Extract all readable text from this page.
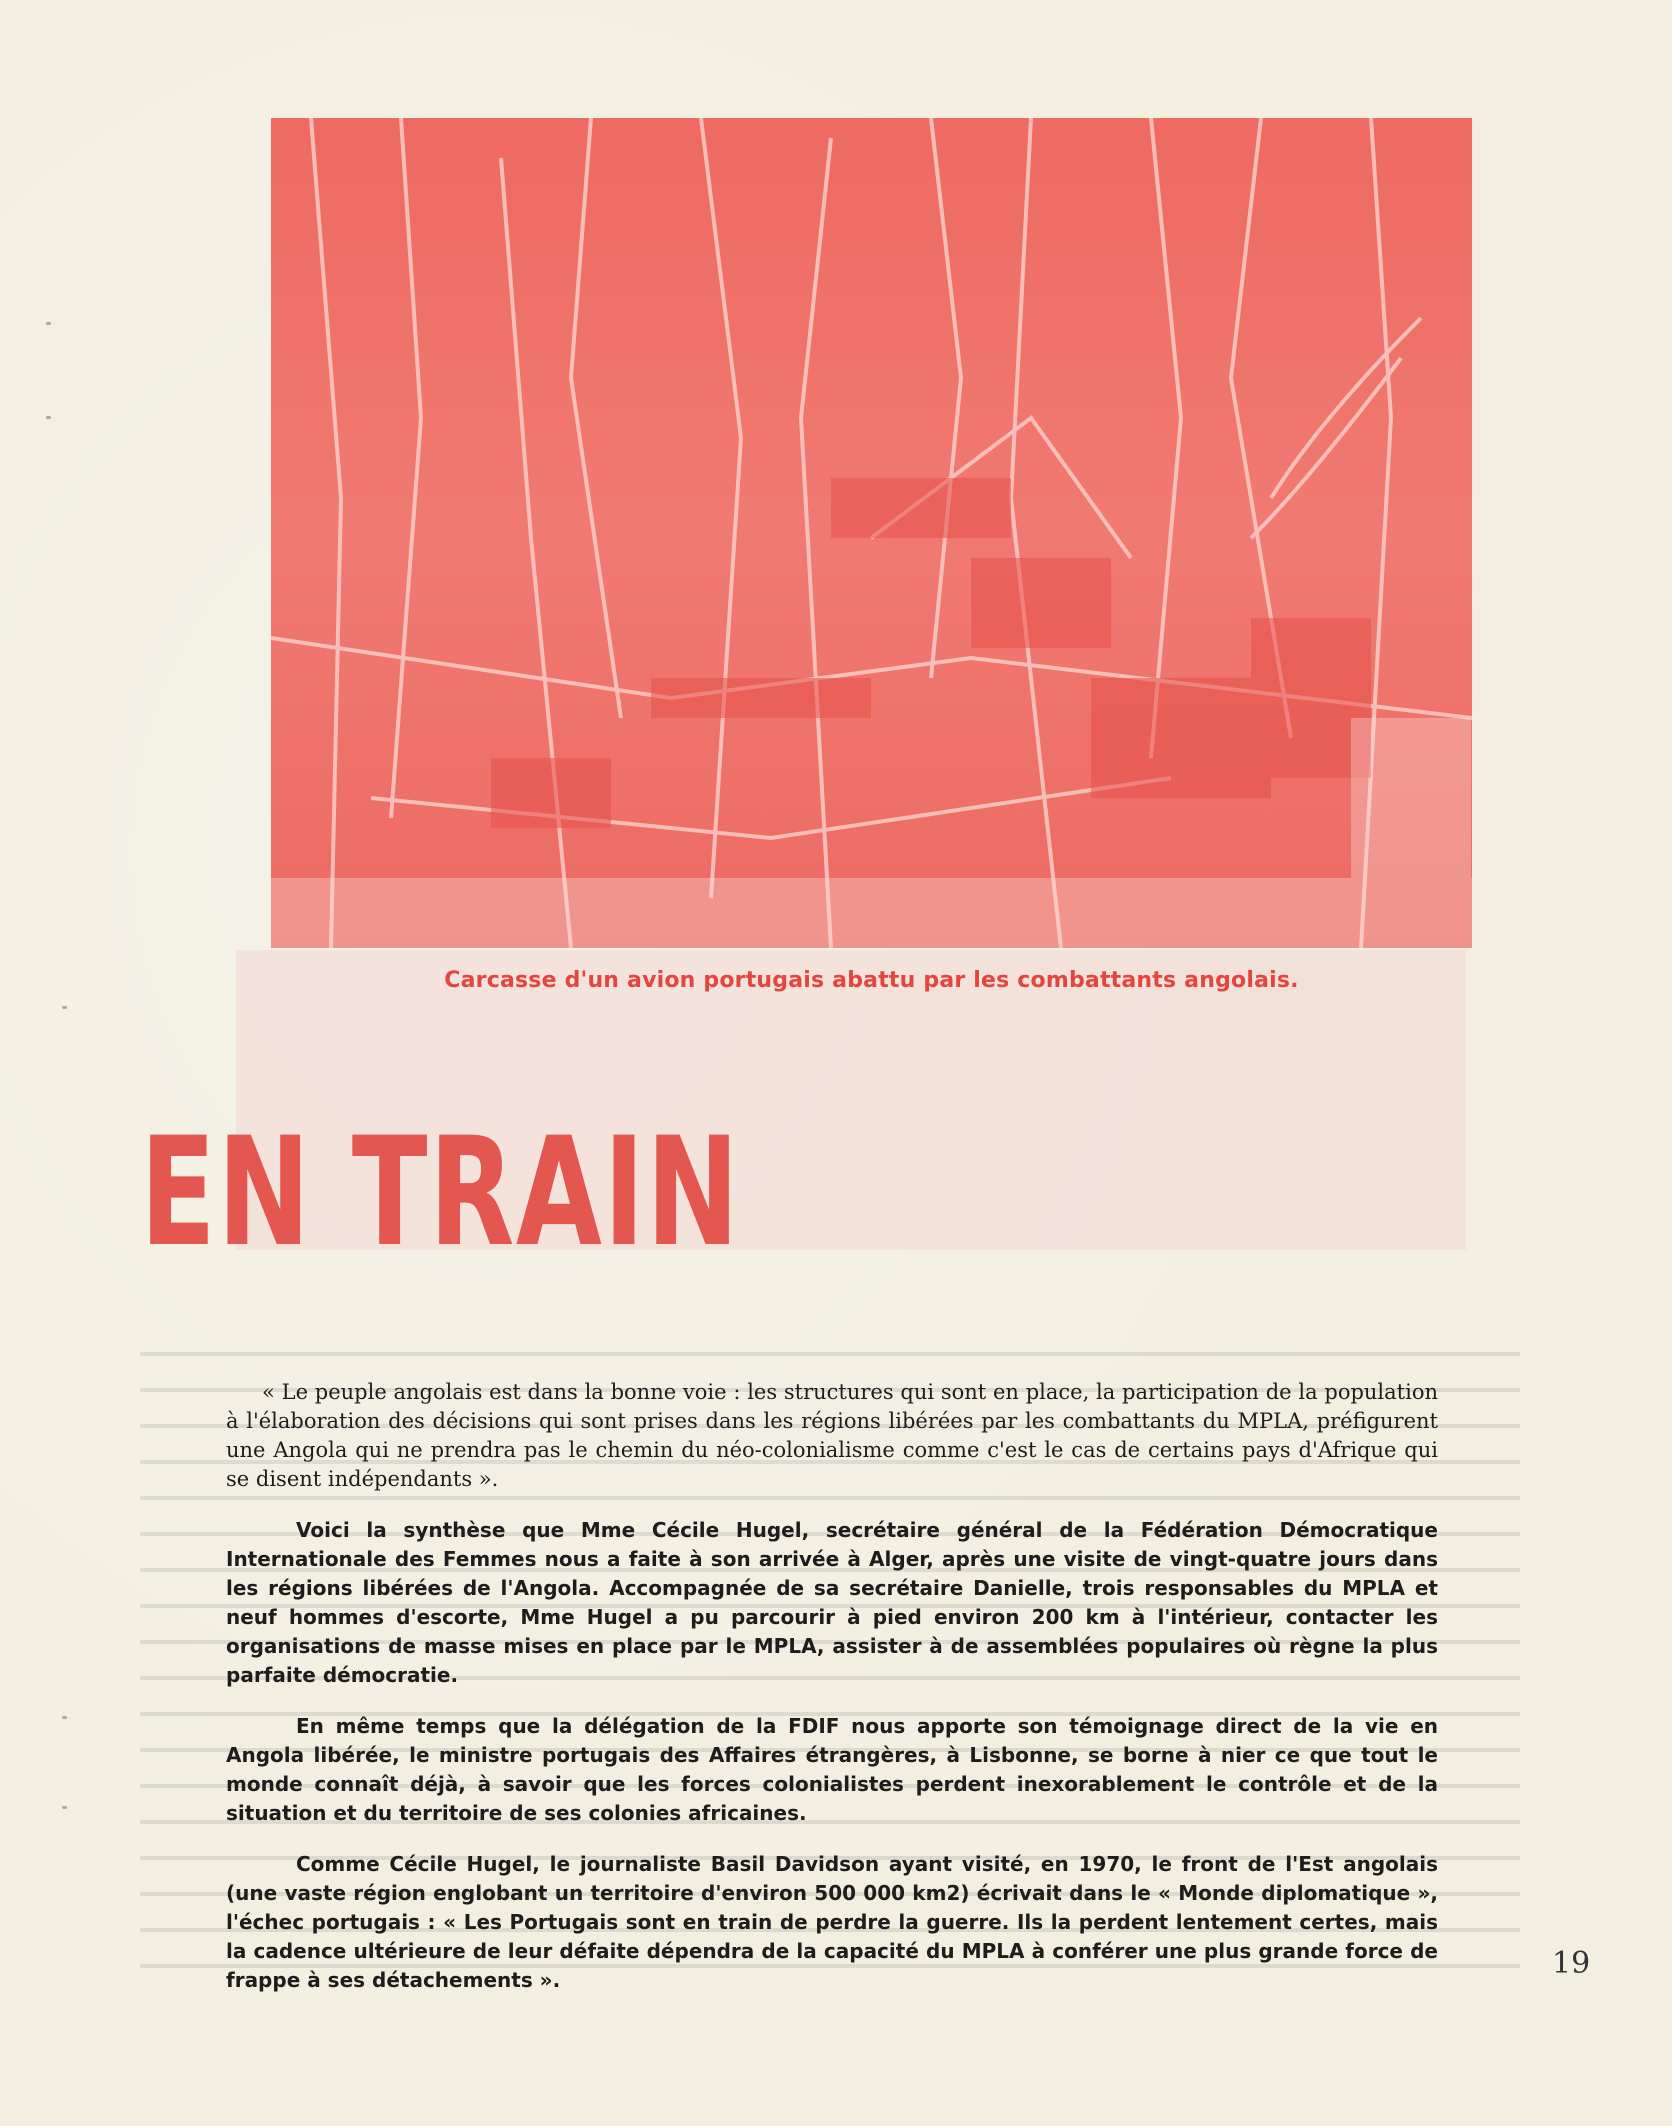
Carcasse d'un avion portugais abattu par les combattants angolais.
EN TRAIN

« Le peuple angolais est dans la bonne voie : les structures qui sont en place, la participation de la population à l'élaboration des décisions qui sont prises dans les régions libérées par les combattants du MPLA, préfigurent une Angola qui ne prendra pas le chemin du néo-colonialisme comme c'est le cas de certains pays d'Afrique qui se disent indépendants ».

Voici la synthèse que Mme Cécile Hugel, secrétaire général de la Fédération Démocratique Internationale des Femmes nous a faite à son arrivée à Alger, après une visite de vingt-quatre jours dans les régions libérées de l'Angola. Accompagnée de sa secrétaire Danielle, trois responsables du MPLA et neuf hommes d'escorte, Mme Hugel a pu parcourir à pied environ 200 km à l'intérieur, contacter les organisations de masse mises en place par le MPLA, assister à de assemblées populaires où règne la plus parfaite démocratie.

En même temps que la délégation de la FDIF nous apporte son témoignage direct de la vie en Angola libérée, le ministre portugais des Affaires étrangères, à Lisbonne, se borne à nier ce que tout le monde connaît déjà, à savoir que les forces colonialistes perdent inexorablement le contrôle et de la situation et du territoire de ses colonies africaines.

Comme Cécile Hugel, le journaliste Basil Davidson ayant visité, en 1970, le front de l'Est angolais (une vaste région englobant un territoire d'environ 500 000 km2) écrivait dans le « Monde diplomatique », l'échec portugais : « Les Portugais sont en train de perdre la guerre. Ils la perdent lentement certes, mais la cadence ultérieure de leur défaite dépendra de la capacité du MPLA à conférer une plus grande force de frappe à ses détachements ».	19
